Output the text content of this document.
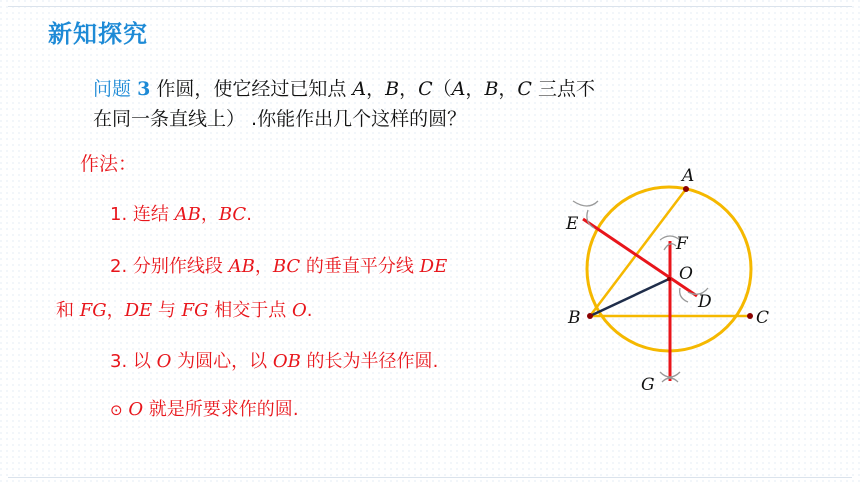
新知探究
问题 3 作圆，使它经过已知点 A，B，C（A，B，C 三点不
在同一条直线上） .你能作出几个这样的圆？
作法：
1. 连结 AB，BC.
2. 分别作线段 AB，BC 的垂直平分线 DE
和 FG，DE 与 FG 相交于点 O.
3. 以 O 为圆心，以 OB 的长为半径作圆.
⊙ O 就是所要求作的圆.
A
B	C
E
F
O
D
G
